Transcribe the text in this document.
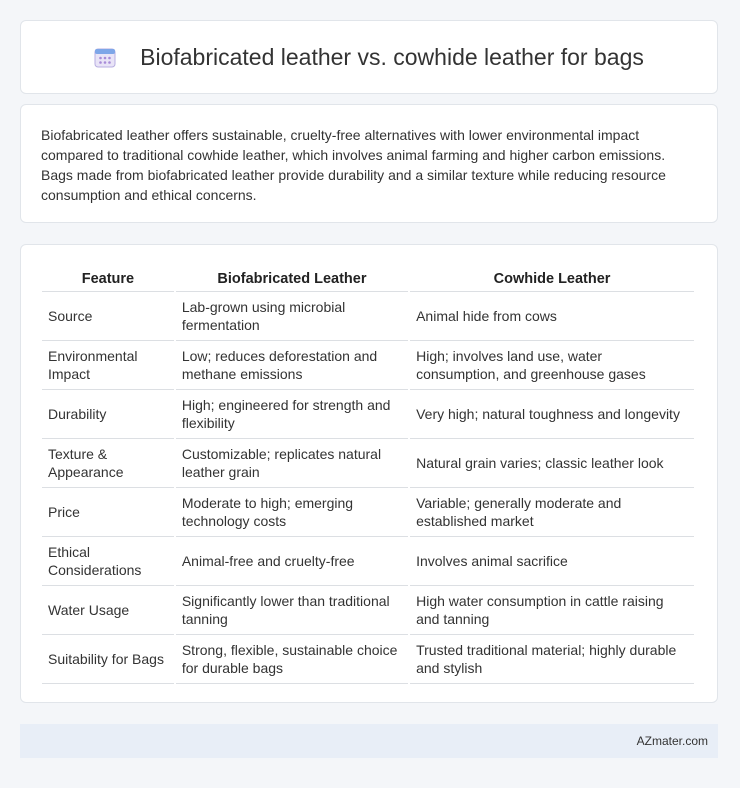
Biofabricated leather vs. cowhide leather for bags

Biofabricated leather offers sustainable, cruelty-free alternatives with lower environmental impact compared to traditional cowhide leather, which involves animal farming and higher carbon emissions. Bags made from biofabricated leather provide durability and a similar texture while reducing resource consumption and ethical concerns.

Feature	Biofabricated Leather	Cowhide Leather
Source	Lab-grown using microbial fermentation	Animal hide from cows
Environmental Impact	Low; reduces deforestation and methane emissions	High; involves land use, water consumption, and greenhouse gases
Durability	High; engineered for strength and flexibility	Very high; natural toughness and longevity
Texture & Appearance	Customizable; replicates natural leather grain	Natural grain varies; classic leather look
Price	Moderate to high; emerging technology costs	Variable; generally moderate and established market
Ethical Considerations	Animal-free and cruelty-free	Involves animal sacrifice
Water Usage	Significantly lower than traditional tanning	High water consumption in cattle raising and tanning
Suitability for Bags	Strong, flexible, sustainable choice for durable bags	Trusted traditional material; highly durable and stylish
AZmater.com
